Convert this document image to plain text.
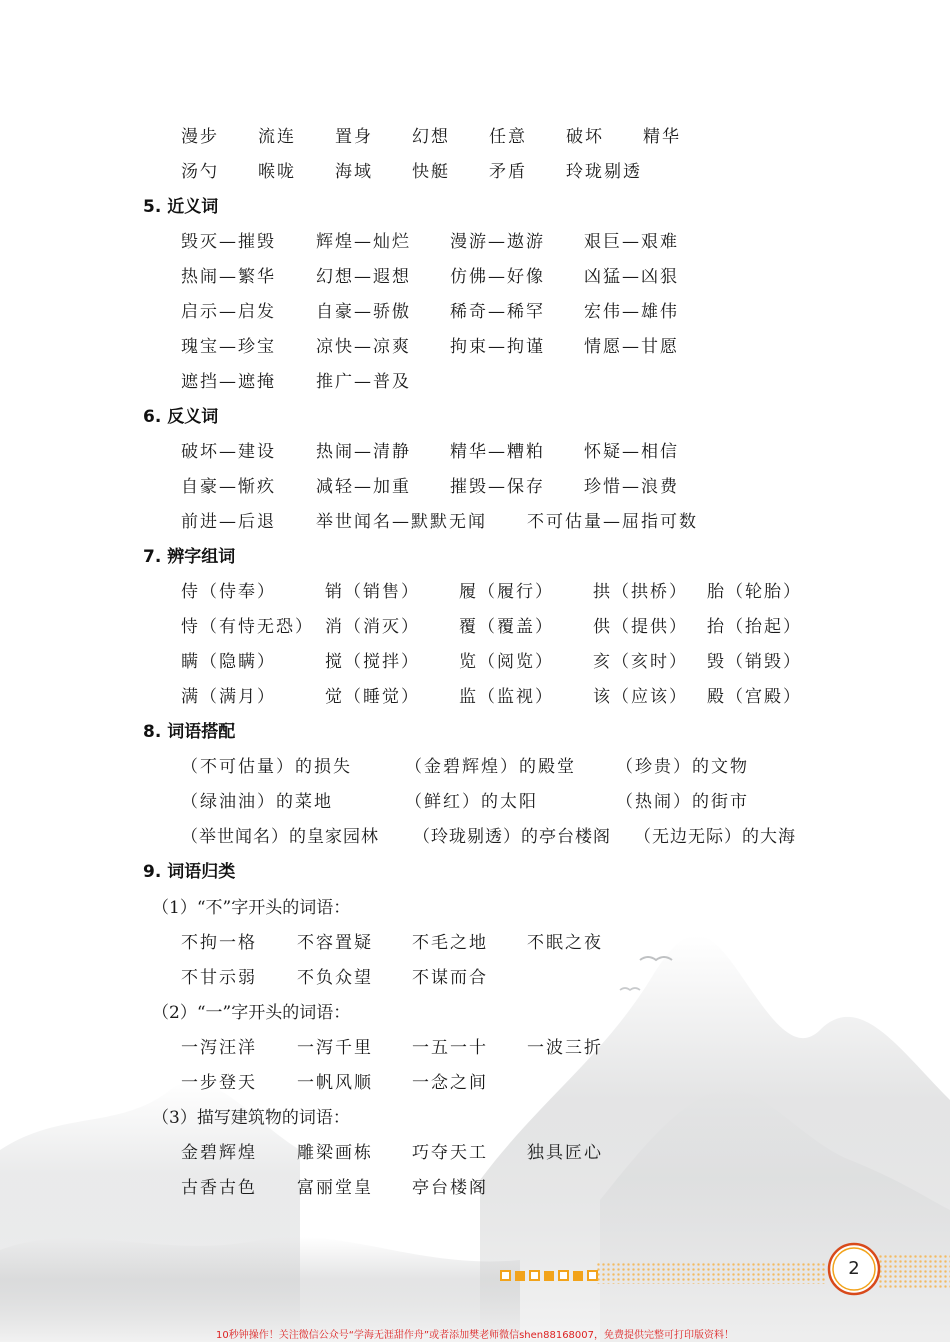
漫步 流连 置身 幻想 任意 破坏 精华
汤勺 喉咙 海域 快艇 矛盾 玲珑剔透
5. 近义词
毁灭—摧毁 辉煌—灿烂 漫游—遨游 艰巨—艰难
热闹—繁华 幻想—遐想 仿佛—好像 凶猛—凶狠
启示—启发 自豪—骄傲 稀奇—稀罕 宏伟—雄伟
瑰宝—珍宝 凉快—凉爽 拘束—拘谨 情愿—甘愿
遮挡—遮掩 推广—普及
6. 反义词
破坏—建设 热闹—清静 精华—糟粕 怀疑—相信
自豪—惭疚 减轻—加重 摧毁—保存 珍惜—浪费
前进—后退 举世闻名—默默无闻 不可估量—屈指可数
7. 辨字组词
侍（侍奉）	销（销售） 履（履行） 拱（拱桥） 胎（轮胎）
恃（有恃无恐） 消（消灭） 覆（覆盖） 供（提供） 抬（抬起）
瞒（隐瞒）	搅（搅拌） 览（阅览） 亥（亥时） 毁（销毁）
满（满月）	觉（睡觉） 监（监视） 该（应该） 殿（宫殿）
8. 词语搭配
（不可估量）的损失	（金碧辉煌）的殿堂 （珍贵）的文物
（绿油油）的菜地	（鲜红）的太阳	（热闹）的街市
（举世闻名）的皇家园林 （玲珑剔透）的亭台楼阁 （无边无际）的大海
9. 词语归类
（1）“不”字开头的词语：
不拘一格 不容置疑 不毛之地 不眠之夜
不甘示弱 不负众望 不谋而合
（2）“一”字开头的词语：
一泻汪洋 一泻千里 一五一十 一波三折
一步登天 一帆风顺 一念之间
（3）描写建筑物的词语：
金碧辉煌 雕梁画栋 巧夺天工 独具匠心
古香古色 富丽堂皇 亭台楼阁
2
10秒钟操作！关注微信公众号“学海无涯甜作舟”或者添加樊老师微信shen88168007，免费提供完整可打印版资料！
